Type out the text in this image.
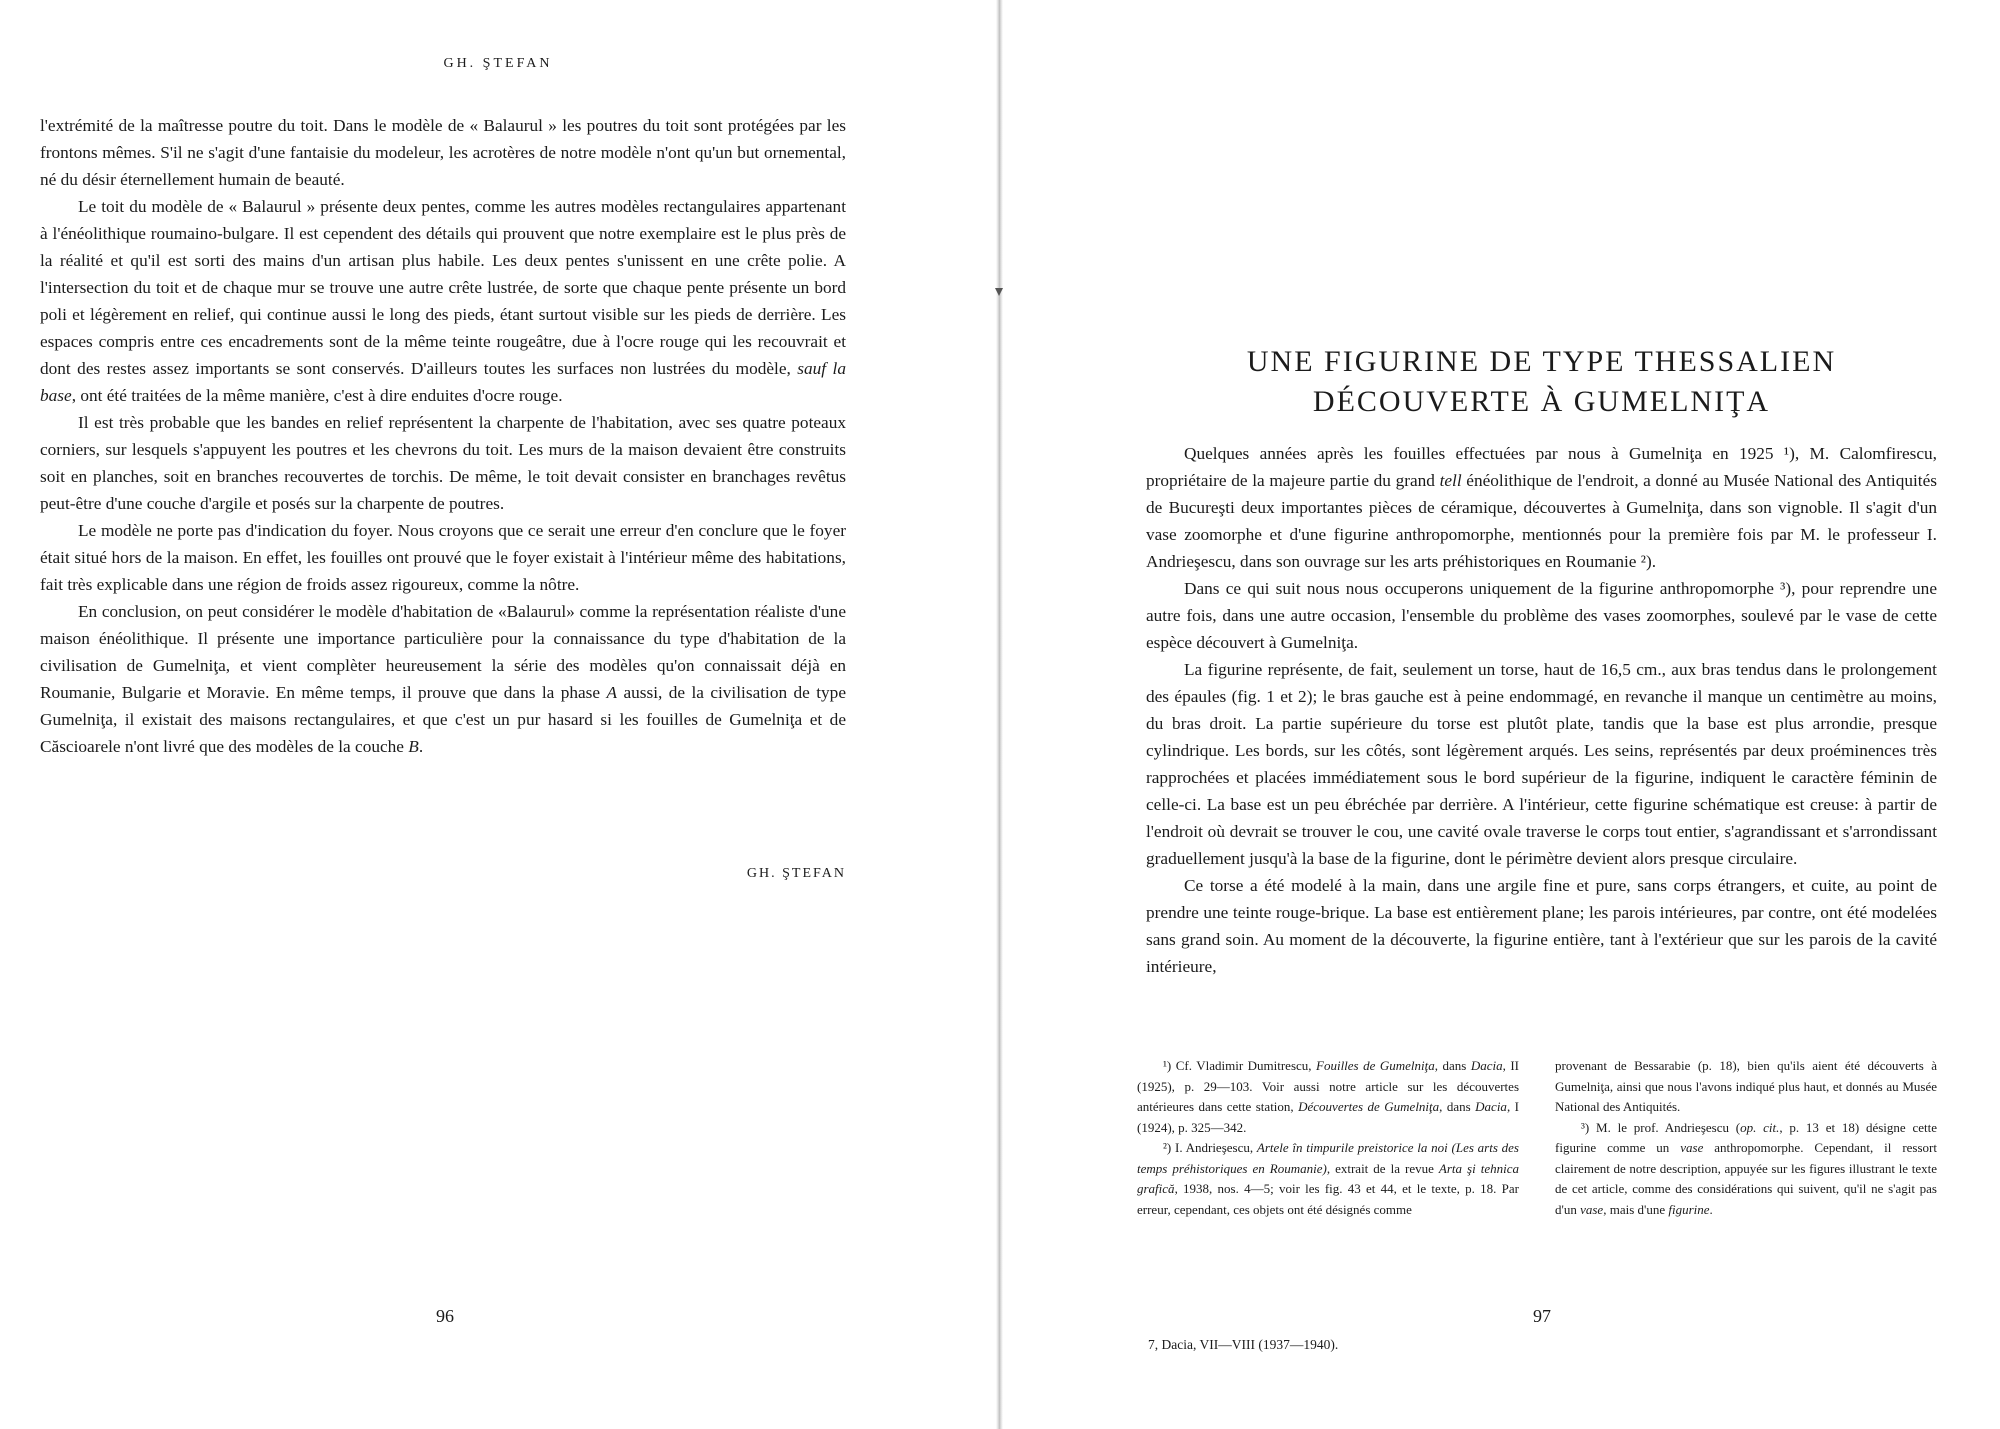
GH. ŞTEFAN

l'extrémité de la maîtresse poutre du toit. Dans le modèle de « Balaurul » les poutres du toit sont protégées par les frontons mêmes. S'il ne s'agit d'une fantaisie du modeleur, les acrotères de notre modèle n'ont qu'un but ornemental, né du désir éternellement humain de beauté.

Le toit du modèle de « Balaurul » présente deux pentes, comme les autres modèles rectangulaires appartenant à l'énéolithique roumaino-bulgare. Il est cependent des détails qui prouvent que notre exemplaire est le plus près de la réalité et qu'il est sorti des mains d'un artisan plus habile. Les deux pentes s'unissent en une crête polie. A l'intersection du toit et de chaque mur se trouve une autre crête lustrée, de sorte que chaque pente présente un bord poli et légèrement en relief, qui continue aussi le long des pieds, étant surtout visible sur les pieds de derrière. Les espaces compris entre ces encadrements sont de la même teinte rougeâtre, due à l'ocre rouge qui les recouvrait et dont des restes assez importants se sont conservés. D'ailleurs toutes les surfaces non lustrées du modèle, sauf la base, ont été traitées de la même manière, c'est à dire enduites d'ocre rouge.

Il est très probable que les bandes en relief représentent la charpente de l'habitation, avec ses quatre poteaux corniers, sur lesquels s'appuyent les poutres et les chevrons du toit. Les murs de la maison devaient être construits soit en planches, soit en branches recouvertes de torchis. De même, le toit devait consister en branchages revêtus peut-être d'une couche d'argile et posés sur la charpente de poutres.

Le modèle ne porte pas d'indication du foyer. Nous croyons que ce serait une erreur d'en conclure que le foyer était situé hors de la maison. En effet, les fouilles ont prouvé que le foyer existait à l'intérieur même des habitations, fait très explicable dans une région de froids assez rigoureux, comme la nôtre.

En conclusion, on peut considérer le modèle d'habitation de «Balaurul» comme la représentation réaliste d'une maison énéolithique. Il présente une importance particulière pour la connaissance du type d'habitation de la civilisation de Gumelniţa, et vient complèter heureusement la série des modèles qu'on connaissait déjà en Roumanie, Bulgarie et Moravie. En même temps, il prouve que dans la phase A aussi, de la civilisation de type Gumelniţa, il existait des maisons rectangulaires, et que c'est un pur hasard si les fouilles de Gumelniţa et de Căscioarele n'ont livré que des modèles de la couche B.

GH. ŞTEFAN
96
UNE FIGURINE DE TYPE THESSALIEN
DÉCOUVERTE À GUMELNIŢA

Quelques années après les fouilles effectuées par nous à Gumelniţa en 1925 ¹), M. Calomfirescu, propriétaire de la majeure partie du grand tell énéolithique de l'endroit, a donné au Musée National des Antiquités de Bucureşti deux importantes pièces de céramique, découvertes à Gumelniţa, dans son vignoble. Il s'agit d'un vase zoomorphe et d'une figurine anthropomorphe, mentionnés pour la première fois par M. le professeur I. Andrieşescu, dans son ouvrage sur les arts préhistoriques en Roumanie ²).

Dans ce qui suit nous nous occuperons uniquement de la figurine anthropomorphe ³), pour reprendre une autre fois, dans une autre occasion, l'ensemble du problème des vases zoomorphes, soulevé par le vase de cette espèce découvert à Gumelniţa.

La figurine représente, de fait, seulement un torse, haut de 16,5 cm., aux bras tendus dans le prolongement des épaules (fig. 1 et 2); le bras gauche est à peine endommagé, en revanche il manque un centimètre au moins, du bras droit. La partie supérieure du torse est plutôt plate, tandis que la base est plus arrondie, presque cylindrique. Les bords, sur les côtés, sont légèrement arqués. Les seins, représentés par deux proéminences très rapprochées et placées immédiatement sous le bord supérieur de la figurine, indiquent le caractère féminin de celle-ci. La base est un peu ébréchée par derrière. A l'intérieur, cette figurine schématique est creuse: à partir de l'endroit où devrait se trouver le cou, une cavité ovale traverse le corps tout entier, s'agrandissant et s'arrondissant graduellement jusqu'à la base de la figurine, dont le périmètre devient alors presque circulaire.

Ce torse a été modelé à la main, dans une argile fine et pure, sans corps étrangers, et cuite, au point de prendre une teinte rouge-brique. La base est entièrement plane; les parois intérieures, par contre, ont été modelées sans grand soin. Au moment de la découverte, la figurine entière, tant à l'extérieur que sur les parois de la cavité intérieure,

¹) Cf. Vladimir Dumitrescu, Fouilles de Gumelniţa, dans Dacia, II (1925), p. 29—103. Voir aussi notre article sur les découvertes antérieures dans cette station, Découvertes de Gumelniţa, dans Dacia, I (1924), p. 325—342.

²) I. Andrieşescu, Artele în timpurile preistorice la noi (Les arts des temps préhistoriques en Roumanie), extrait de la revue Arta şi tehnica grafică, 1938, nos. 4—5; voir les fig. 43 et 44, et le texte, p. 18. Par erreur, cependant, ces objets ont été désignés comme

provenant de Bessarabie (p. 18), bien qu'ils aient été découverts à Gumelniţa, ainsi que nous l'avons indiqué plus haut, et donnés au Musée National des Antiquités.

³) M. le prof. Andrieşescu (op. cit., p. 13 et 18) désigne cette figurine comme un vase anthropomorphe. Cependant, il ressort clairement de notre description, appuyée sur les figures illustrant le texte de cet article, comme des considérations qui suivent, qu'il ne s'agit pas d'un vase, mais d'une figurine.

97
7, Dacia, VII—VIII (1937—1940).
